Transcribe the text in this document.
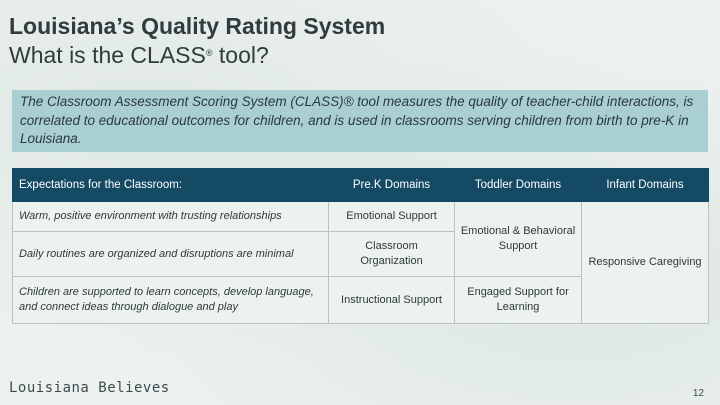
Louisiana’s Quality Rating System
What is the CLASS® tool?
The Classroom Assessment Scoring System (CLASS)® tool measures the quality of teacher-child interactions, is correlated to educational outcomes for children, and is used in classrooms serving children from birth to pre-K in Louisiana.
Expectations for the Classroom:	Pre.K Domains	Toddler Domains	Infant Domains
Warm, positive environment with trusting relationships	Emotional Support	Emotional & Behavioral Support	Responsive Caregiving
Daily routines are organized and disruptions are minimal	Classroom Organization		
Children are supported to learn concepts, develop language, and connect ideas through dialogue and play	Instructional Support	Engaged Support for Learning	
Louisiana Believes	12
